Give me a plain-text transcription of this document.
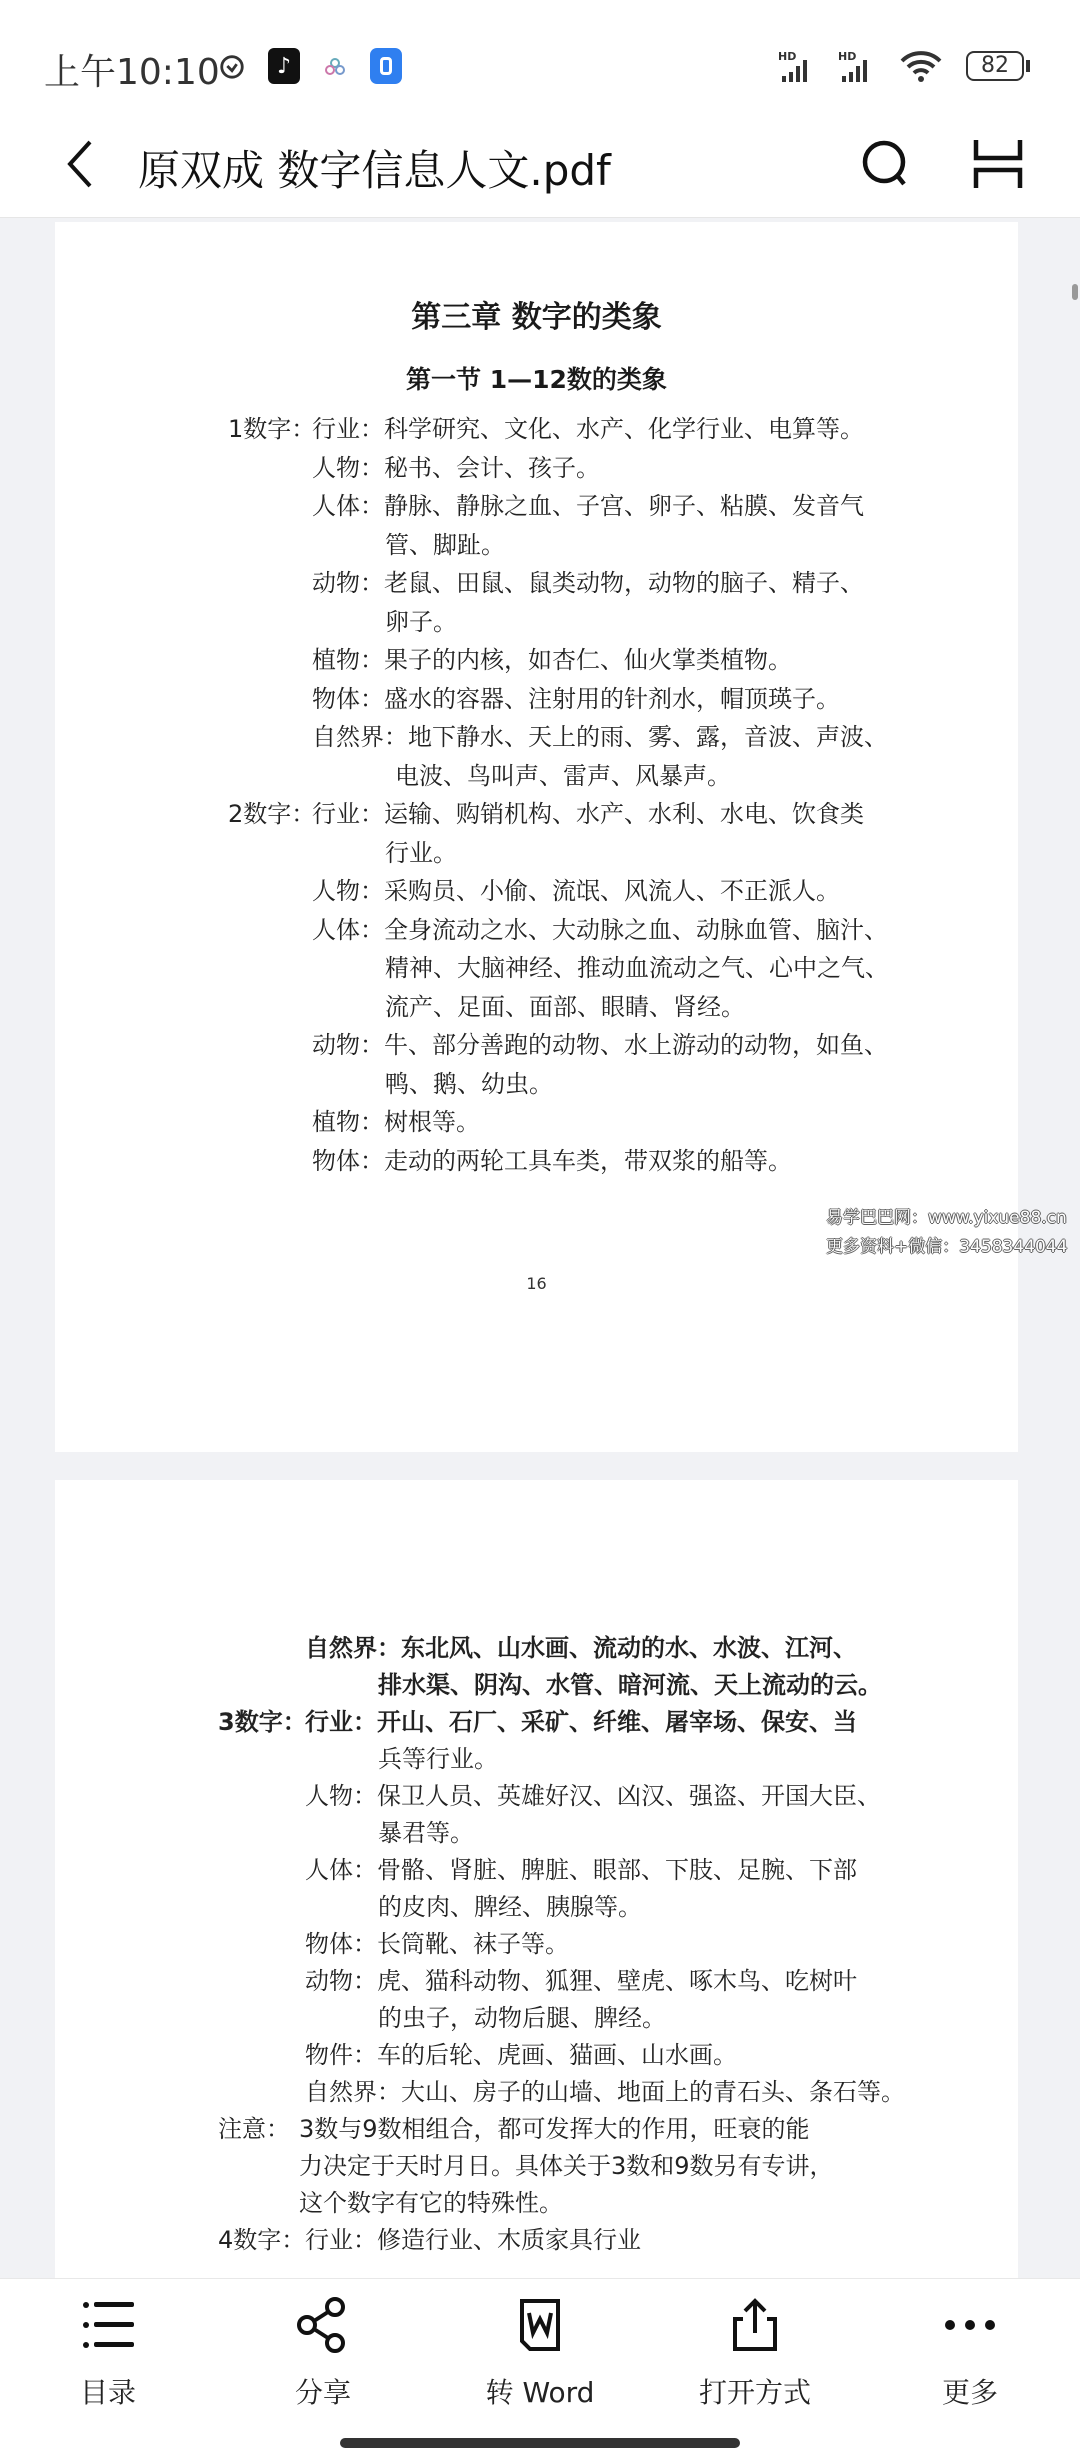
上午10:10	♪	HD	HD	82
原双成 数字信息人文.pdf
第三章 数字的类象
第一节 1—12数的类象
1数字：行业：科学研究、文化、水产、化学行业、电算等。
人物：秘书、会计、孩子。
人体：静脉、静脉之血、子宫、卵子、粘膜、发音气
管、脚趾。
动物：老鼠、田鼠、鼠类动物，动物的脑子、精子、
卵子。
植物：果子的内核，如杏仁、仙火掌类植物。
物体：盛水的容器、注射用的针剂水，帽顶瑛子。
自然界：地下静水、天上的雨、雾、露，音波、声波、
电波、鸟叫声、雷声、风暴声。
2数字：行业：运输、购销机构、水产、水利、水电、饮食类
行业。
人物：采购员、小偷、流氓、风流人、不正派人。
人体：全身流动之水、大动脉之血、动脉血管、脑汁、
精神、大脑神经、推动血流动之气、心中之气、
流产、足面、面部、眼睛、肾经。
动物：牛、部分善跑的动物、水上游动的动物，如鱼、
鸭、鹅、幼虫。
植物：树根等。
物体：走动的两轮工具车类，带双浆的船等。
16
易学巴巴网：www.yixue88.cn
更多资料+微信：3458344044
自然界：东北风、山水画、流动的水、水波、江河、
排水渠、阴沟、水管、暗河流、天上流动的云。
3数字：行业：开山、石厂、采矿、纤维、屠宰场、保安、当
兵等行业。
人物：保卫人员、英雄好汉、凶汉、强盗、开国大臣、
暴君等。
人体：骨骼、肾脏、脾脏、眼部、下肢、足腕、下部
的皮肉、脾经、胰腺等。
物体：长筒靴、袜子等。
动物：虎、猫科动物、狐狸、壁虎、啄木鸟、吃树叶
的虫子，动物后腿、脾经。
物件：车的后轮、虎画、猫画、山水画。
自然界：大山、房子的山墙、地面上的青石头、条石等。
注意： 3数与9数相组合，都可发挥大的作用，旺衰的能
力决定于天时月日。具体关于3数和9数另有专讲，
这个数字有它的特殊性。
4数字：行业：修造行业、木质家具行业
目录	分享	转 Word	打开方式	更多
